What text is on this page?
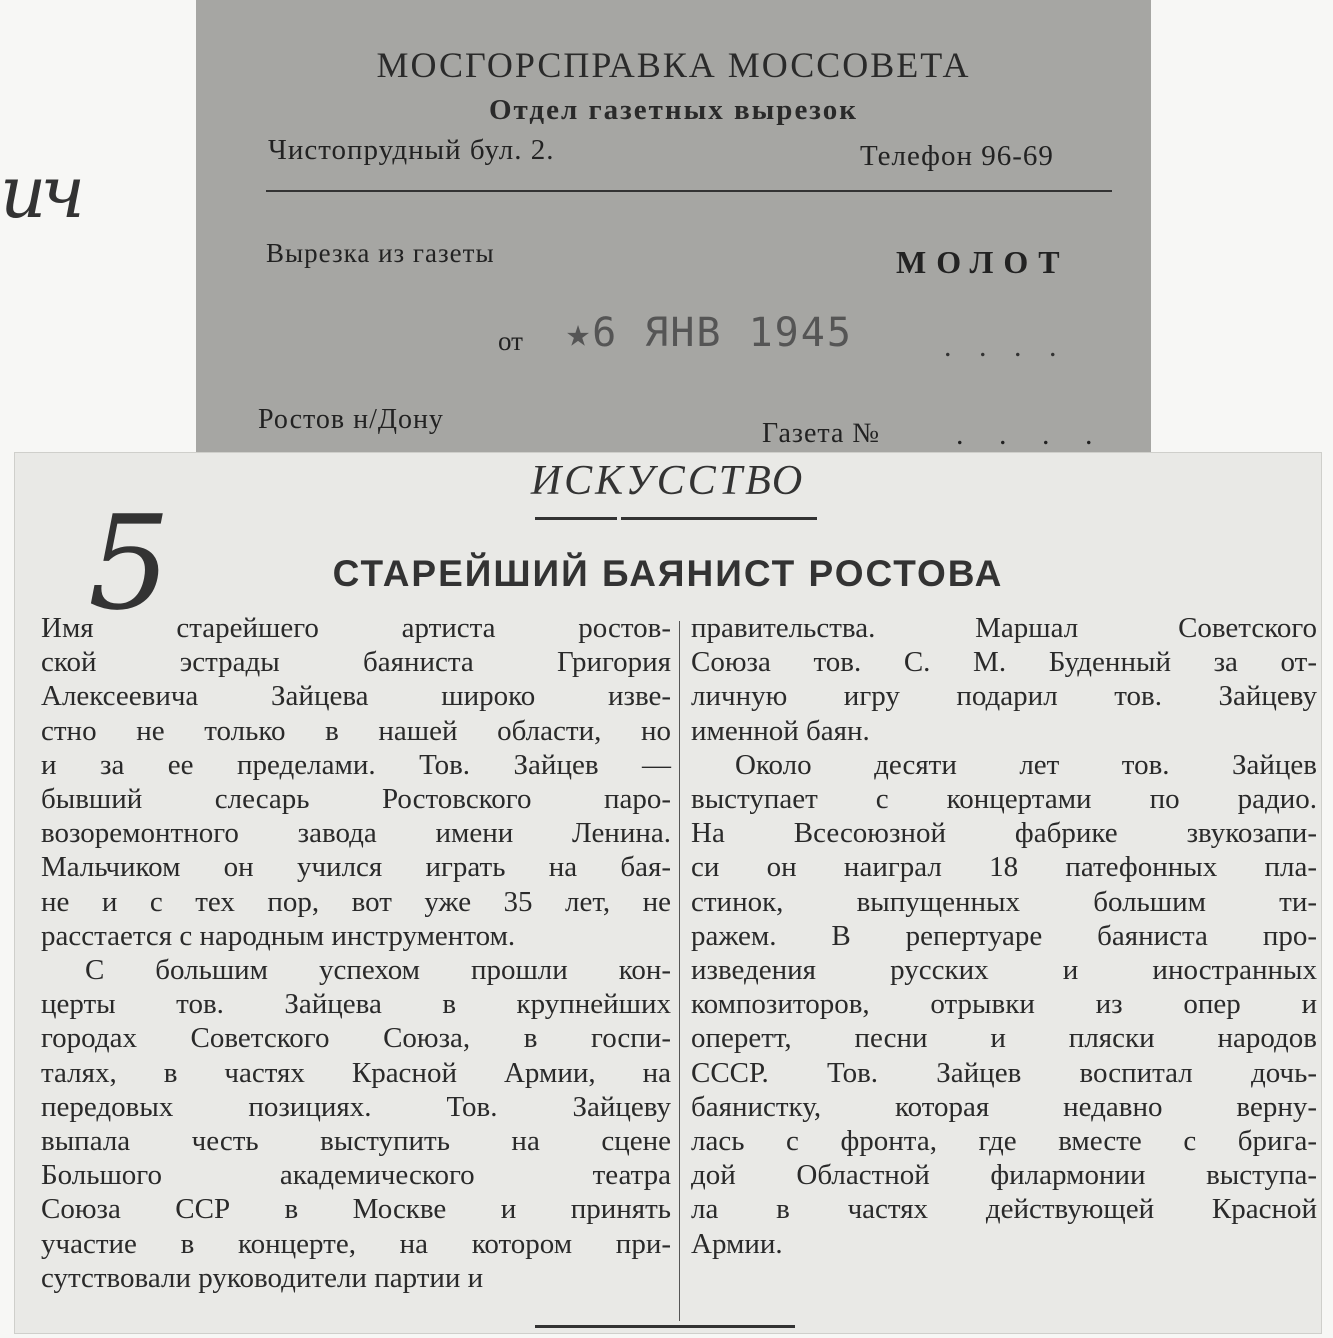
ич
МОСГОРСПРАВКА МОССОВЕТА
Отдел газетных вырезок
Чистопрудный бул. 2.	Телефон 96-69
Вырезка из газеты	МОЛОТ
от ★6 ЯНВ 1945	. . . .
Ростов н/Дону	Газета №	. . . .
ИСКУССТВО
СТАРЕЙШИЙ БАЯНИСТ РОСТОВА
Имя старейшего артиста ростов-
ской эстрады баяниста Григория
Алексеевича Зайцева широко изве-
стно не только в нашей области, но
и за ее пределами. Тов. Зайцев —
бывший слесарь Ростовского паро-
возоремонтного завода имени Ленина.
Мальчиком он учился играть на бая-
не и с тех пор, вот уже 35 лет, не
расстается с народным инструментом.
С большим успехом прошли кон-
церты тов. Зайцева в крупнейших
городах Советского Союза, в госпи-
талях, в частях Красной Армии, на
передовых позициях. Тов. Зайцеву
выпала честь выступить на сцене
Большого академического театра
Союза ССР в Москве и принять
участие в концерте, на котором при-
сутствовали руководители партии и
правительства. Маршал Советского
Союза тов. С. М. Буденный за от-
личную игру подарил тов. Зайцеву
именной баян.
Около десяти лет тов. Зайцев
выступает с концертами по радио.
На Всесоюзной фабрике звукозапи-
си он наиграл 18 патефонных пла-
стинок, выпущенных большим ти-
ражем. В репертуаре баяниста про-
изведения русских и иностранных
композиторов, отрывки из опер и
оперетт, песни и пляски народов
СССР. Тов. Зайцев воспитал дочь-
баянистку, которая недавно верну-
лась с фронта, где вместе с брига-
дой Областной филармонии выступа-
ла в частях действующей Красной
Армии.
5
